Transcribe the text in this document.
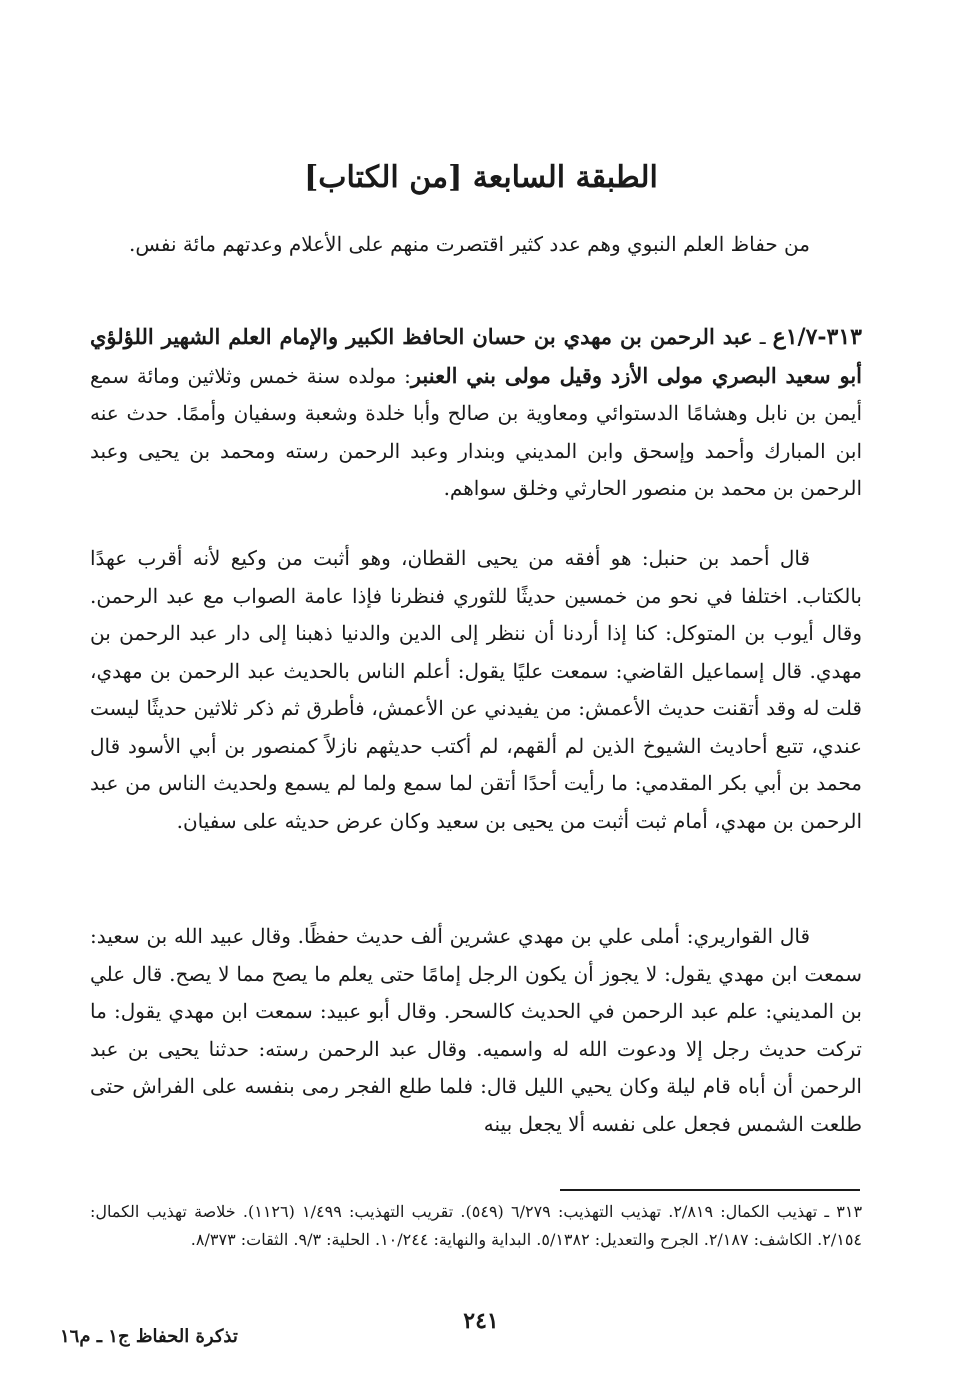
الطبقة السابعة [من الكتاب]

من حفاظ العلم النبوي وهم عدد كثير اقتصرت منهم على الأعلام وعدتهم مائة نفس.

٣١٣-١/٧ع ـ عبد الرحمن بن مهدي بن حسان الحافظ الكبير والإمام العلم الشهير اللؤلؤي أبو سعيد البصري مولى الأزد وقيل مولى بني العنبر: مولده سنة خمس وثلاثين ومائة سمع أيمن بن نابل وهشامًا الدستوائي ومعاوية بن صالح وأبا خلدة وشعبة وسفيان وأممًا. حدث عنه ابن المبارك وأحمد وإسحق وابن المديني وبندار وعبد الرحمن رسته ومحمد بن يحيى وعبد الرحمن بن محمد بن منصور الحارثي وخلق سواهم.

قال أحمد بن حنبل: هو أفقه من يحيى القطان، وهو أثبت من وكيع لأنه أقرب عهدًا بالكتاب. اختلفا في نحو من خمسين حديثًا للثوري فنظرنا فإذا عامة الصواب مع عبد الرحمن. وقال أيوب بن المتوكل: كنا إذا أردنا أن ننظر إلى الدين والدنيا ذهبنا إلى دار عبد الرحمن بن مهدي. قال إسماعيل القاضي: سمعت عليًا يقول: أعلم الناس بالحديث عبد الرحمن بن مهدي، قلت له وقد أتقنت حديث الأعمش: من يفيدني عن الأعمش، فأطرق ثم ذكر ثلاثين حديثًا ليست عندي، تتبع أحاديث الشيوخ الذين لم ألقهم، لم أكتب حديثهم نازلاً كمنصور بن أبي الأسود قال محمد بن أبي بكر المقدمي: ما رأيت أحدًا أتقن لما سمع ولما لم يسمع ولحديث الناس من عبد الرحمن بن مهدي، أمام ثبت أثبت من يحيى بن سعيد وكان عرض حديثه على سفيان.

قال القواريري: أملى علي بن مهدي عشرين ألف حديث حفظًا. وقال عبيد الله بن سعيد: سمعت ابن مهدي يقول: لا يجوز أن يكون الرجل إمامًا حتى يعلم ما يصح مما لا يصح. قال علي بن المديني: علم عبد الرحمن في الحديث كالسحر. وقال أبو عبيد: سمعت ابن مهدي يقول: ما تركت حديث رجل إلا ودعوت الله له واسميه. وقال عبد الرحمن رسته: حدثنا يحيى بن عبد الرحمن أن أباه قام ليلة وكان يحيي الليل قال: فلما طلع الفجر رمى بنفسه على الفراش حتى طلعت الشمس فجعل على نفسه ألا يجعل بينه

٣١٣ ـ تهذيب الكمال: ٢/٨١٩. تهذيب التهذيب: ٦/٢٧٩ (٥٤٩). تقريب التهذيب: ١/٤٩٩ (١١٢٦). خلاصة تهذيب الكمال: ٢/١٥٤. الكاشف: ٢/١٨٧. الجرح والتعديل: ٥/١٣٨٢. البداية والنهاية: ١٠/٢٤٤. الحلية: ٩/٣. الثقات: ٨/٣٧٣.

٢٤١
تذكرة الحفاظ ج١ ـ م١٦
